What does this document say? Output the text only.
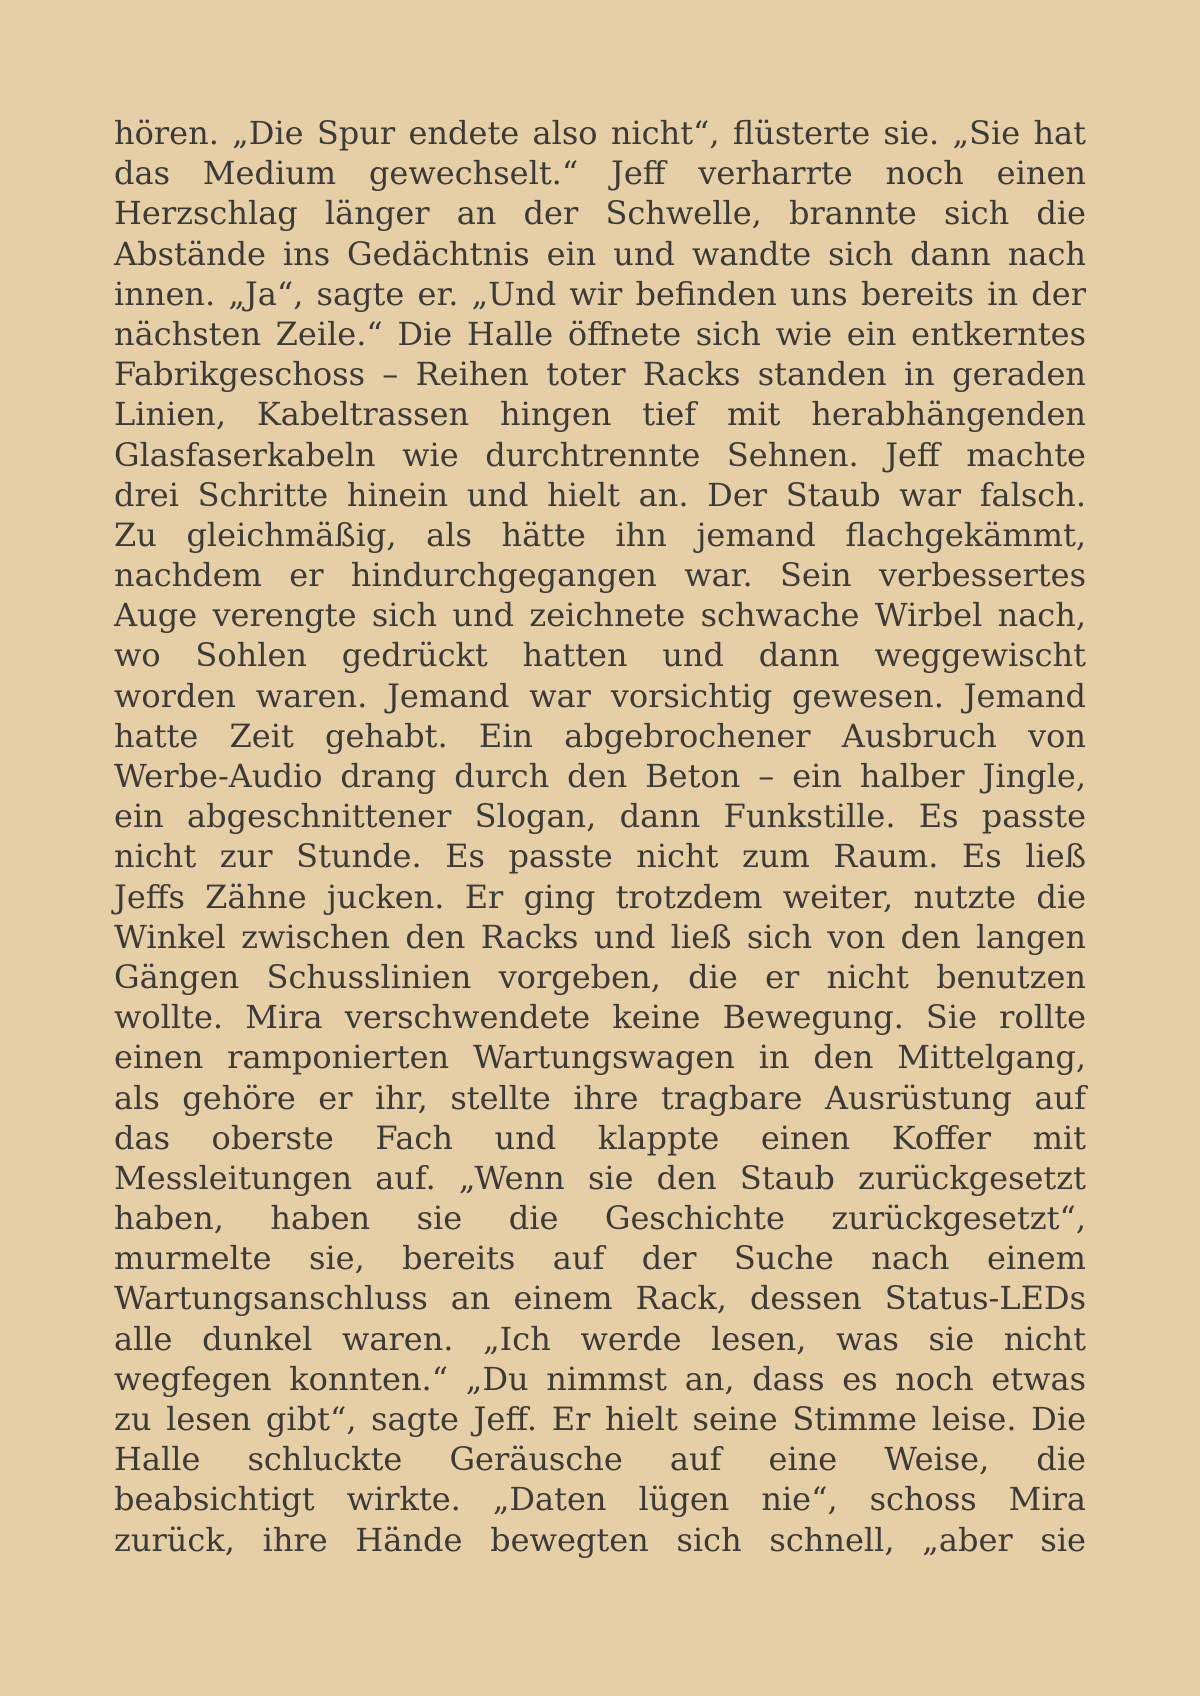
hören. „Die Spur endete also nicht“, flüsterte sie. „Sie hat
das Medium gewechselt.“ Jeff verharrte noch einen
Herzschlag länger an der Schwelle, brannte sich die
Abstände ins Gedächtnis ein und wandte sich dann nach
innen. „Ja“, sagte er. „Und wir befinden uns bereits in der
nächsten Zeile.“ Die Halle öffnete sich wie ein entkerntes
Fabrikgeschoss – Reihen toter Racks standen in geraden
Linien, Kabeltrassen hingen tief mit herabhängenden
Glasfaserkabeln wie durchtrennte Sehnen. Jeff machte
drei Schritte hinein und hielt an. Der Staub war falsch.
Zu gleichmäßig, als hätte ihn jemand flachgekämmt,
nachdem er hindurchgegangen war. Sein verbessertes
Auge verengte sich und zeichnete schwache Wirbel nach,
wo Sohlen gedrückt hatten und dann weggewischt
worden waren. Jemand war vorsichtig gewesen. Jemand
hatte Zeit gehabt. Ein abgebrochener Ausbruch von
Werbe-Audio drang durch den Beton – ein halber Jingle,
ein abgeschnittener Slogan, dann Funkstille. Es passte
nicht zur Stunde. Es passte nicht zum Raum. Es ließ
Jeffs Zähne jucken. Er ging trotzdem weiter, nutzte die
Winkel zwischen den Racks und ließ sich von den langen
Gängen Schusslinien vorgeben, die er nicht benutzen
wollte. Mira verschwendete keine Bewegung. Sie rollte
einen ramponierten Wartungswagen in den Mittelgang,
als gehöre er ihr, stellte ihre tragbare Ausrüstung auf
das oberste Fach und klappte einen Koffer mit
Messleitungen auf. „Wenn sie den Staub zurückgesetzt
haben, haben sie die Geschichte zurückgesetzt“,
murmelte sie, bereits auf der Suche nach einem
Wartungsanschluss an einem Rack, dessen Status-LEDs
alle dunkel waren. „Ich werde lesen, was sie nicht
wegfegen konnten.“ „Du nimmst an, dass es noch etwas
zu lesen gibt“, sagte Jeff. Er hielt seine Stimme leise. Die
Halle schluckte Geräusche auf eine Weise, die
beabsichtigt wirkte. „Daten lügen nie“, schoss Mira
zurück, ihre Hände bewegten sich schnell, „aber sie
